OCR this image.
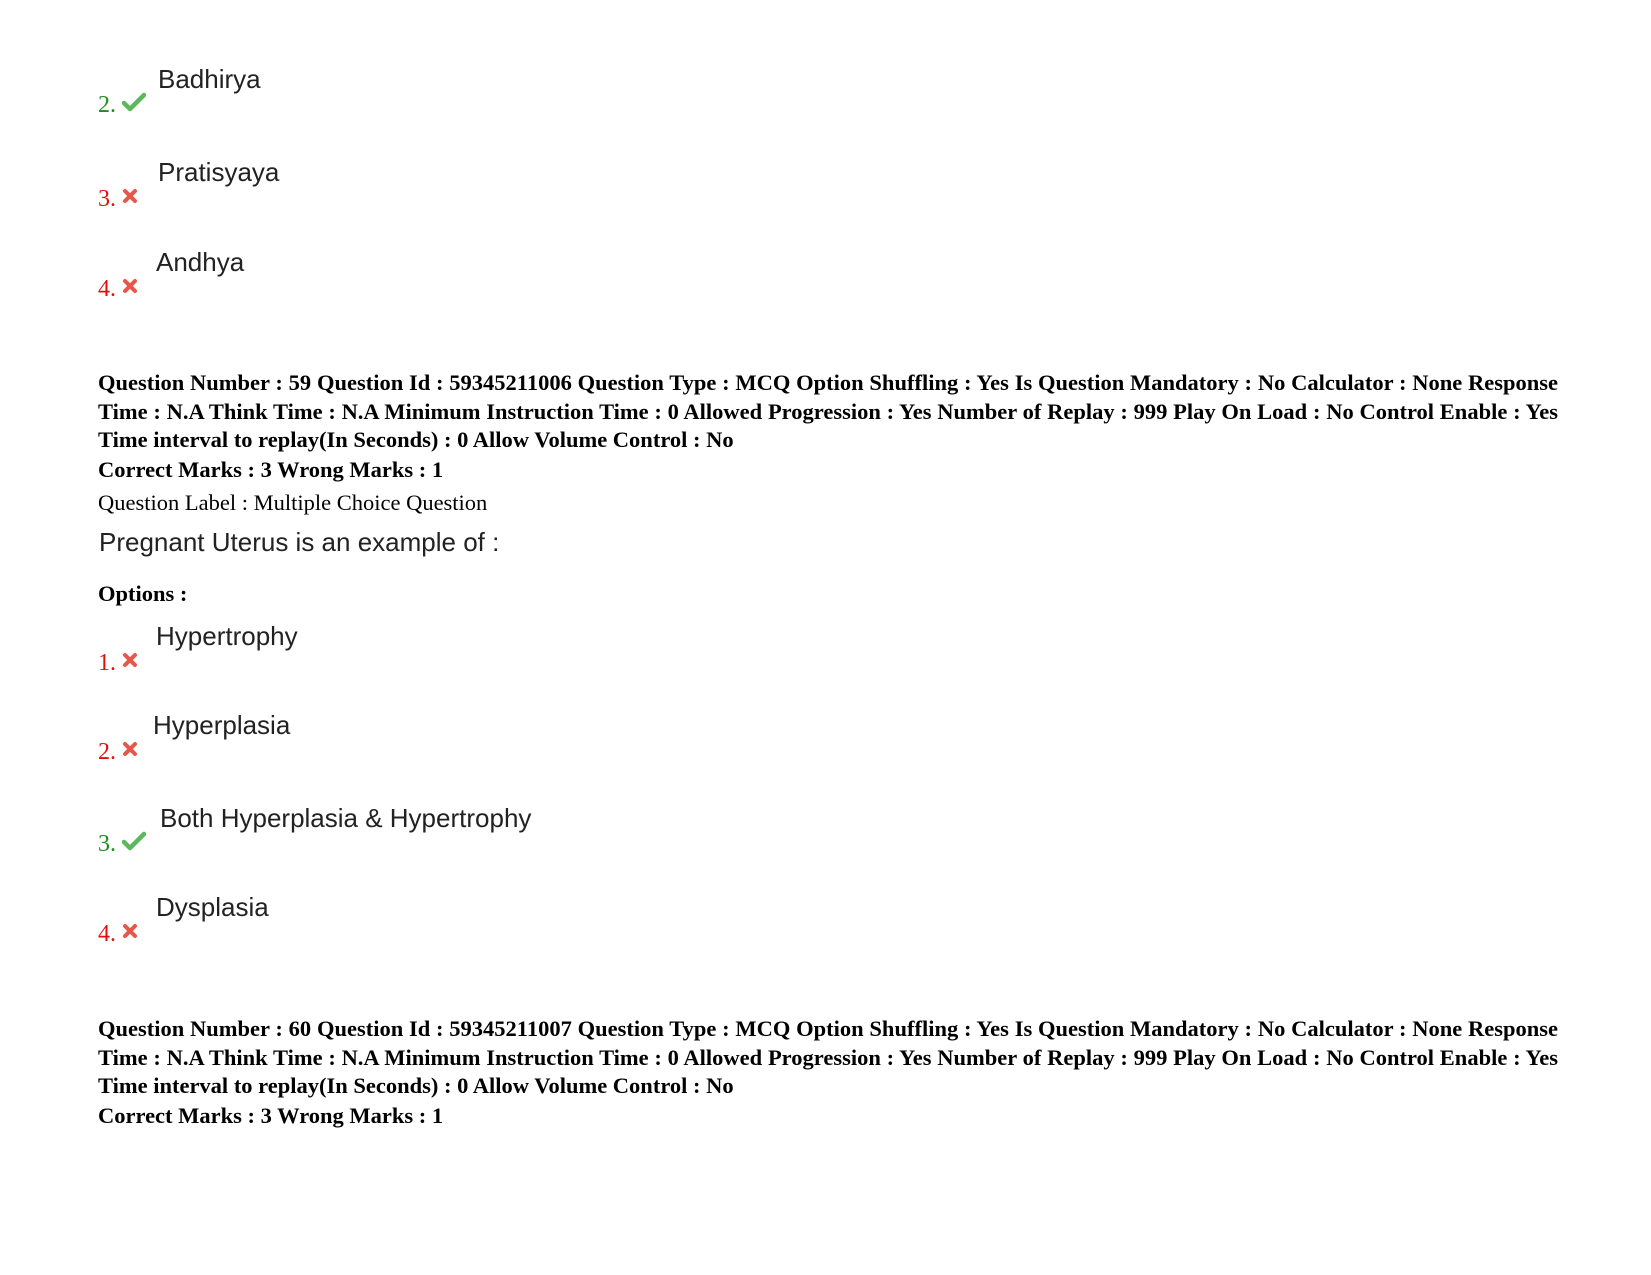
2.
Badhirya
3.
Pratisyaya
4.
Andhya
Question Number : 59 Question Id : 59345211006 Question Type : MCQ Option Shuffling : Yes Is Question Mandatory : No Calculator : None Response Time : N.A Think Time : N.A Minimum Instruction Time : 0 Allowed Progression : Yes Number of Replay : 999 Play On Load : No Control Enable : Yes Time interval to replay(In Seconds) : 0 Allow Volume Control : No
Correct Marks : 3 Wrong Marks : 1
Question Label : Multiple Choice Question
Pregnant Uterus is an example of :
Options :
1.
Hypertrophy
2.
Hyperplasia
3.
Both Hyperplasia & Hypertrophy
4.
Dysplasia
Question Number : 60 Question Id : 59345211007 Question Type : MCQ Option Shuffling : Yes Is Question Mandatory : No Calculator : None Response Time : N.A Think Time : N.A Minimum Instruction Time : 0 Allowed Progression : Yes Number of Replay : 999 Play On Load : No Control Enable : Yes Time interval to replay(In Seconds) : 0 Allow Volume Control : No
Correct Marks : 3 Wrong Marks : 1
